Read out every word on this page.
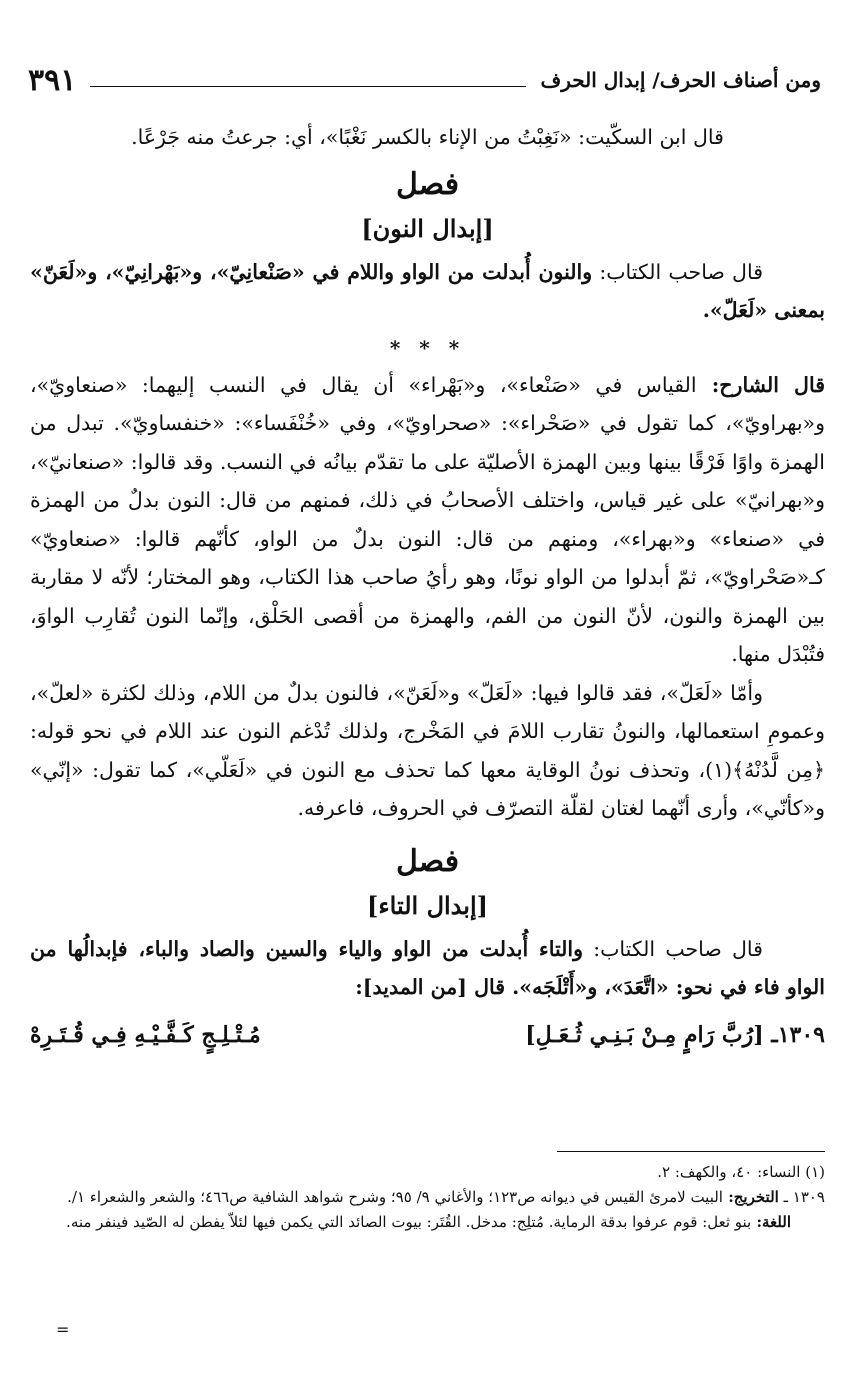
ومن أصناف الحرف/ إبدال الحرف
٣٩١

قال ابن السكّيت: «نَغِبْتُ من الإناء بالكسر نَغْبًا»، أي: جرعتُ منه جَرْعًا.

فصل
[إبدال النون]

قال صاحب الكتاب: والنون أُبدلت من الواو واللام في «صَنْعانِيّ»، و«بَهْرانِيّ»، و«لَعَنّ» بمعنى «لَعَلّ».

* * *

قال الشارح: القياس في «صَنْعاء»، و«بَهْراء» أن يقال في النسب إليهما: «صنعاويّ»، و«بهراويّ»، كما تقول في «صَحْراء»: «صحراويّ»، وفي «خُنْفَساء»: «خنفساويّ». تبدل من الهمزة واوًا فَرْقًا بينها وبين الهمزة الأصليّة على ما تقدّم بيانُه في النسب. وقد قالوا: «صنعانيّ»، و«بهرانيّ» على غير قياس، واختلف الأصحابُ في ذلك، فمنهم من قال: النون بدلٌ من الهمزة في «صنعاء» و«بهراء»، ومنهم من قال: النون بدلٌ من الواو، كأنّهم قالوا: «صنعاويّ» كـ«صَحْراويّ»، ثمّ أبدلوا من الواو نونًا، وهو رأيُ صاحب هذا الكتاب، وهو المختار؛ لأنّه لا مقاربة بين الهمزة والنون، لأنّ النون من الفم، والهمزة من أقصى الحَلْق، وإنّما النون تُقارِب الواوَ، فتُبْدَل منها.

وأمّا «لَعَلّ»، فقد قالوا فيها: «لَعَلّ» و«لَعَنّ»، فالنون بدلٌ من اللام، وذلك لكثرة «لعلّ»، وعمومِ استعمالها، والنونُ تقارب اللامَ في المَخْرج، ولذلك تُدْغم النون عند اللام في نحو قوله: ﴿مِن لَّدُنْهُ﴾(١)، وتحذف نونُ الوقاية معها كما تحذف مع النون في «لَعَلّي»، كما تقول: «إنّي» و«كأنّي»، وأرى أنّهما لغتان لقلّة التصرّف في الحروف، فاعرفه.

فصل
[إبدال التاء]

قال صاحب الكتاب: والتاء أُبدلت من الواو والياء والسين والصاد والباء، فإبدالُها من الواو فاء في نحو: «اتَّعَدَ»، و«أَتْلَجَه». قال [من المديد]:

١٣٠٩ـ [رُبَّ رَامٍ مِـنْ بَـنِـي ثُـعَـلِ]
مُـتْـلِـجٍ كَـفَّـيْـهِ فِـي قُـتَـرِهْ

(١) النساء: ٤٠، والكهف: ٢.

١٣٠٩ ـ التخريج: البيت لامرئ القيس في ديوانه ص١٢٣؛ والأغاني ٩/ ٩٥؛ وشرح شواهد الشافية ص٤٦٦؛ والشعر والشعراء ١/.

اللغة: بنو ثعل: قوم عرفوا بدقة الرماية. مُتلِج: مدخل. القُتَر: بيوت الصائد التي يكمن فيها لئلاّ يفطن له الصّيد فينفر منه.

=
